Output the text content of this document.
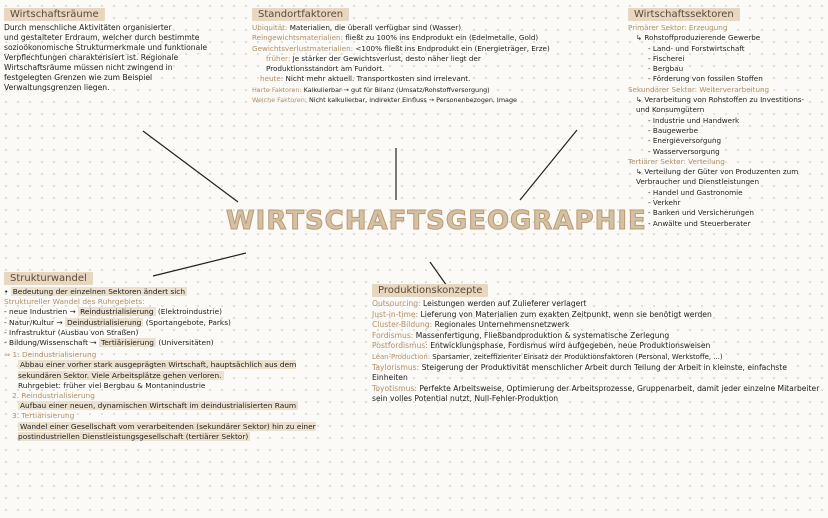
WIRTSCHAFTSGEOGRAPHIE
Wirtschaftsräume
Durch menschliche Aktivitäten organisierter
und gestalteter Erdraum, welcher durch bestimmte
sozioökonomische Strukturmerkmale und funktionale
Verpflechtungen charakterisiert ist. Regionale
Wirtschaftsräume müssen nicht zwingend in
festgelegten Grenzen wie zum Beispiel
Verwaltungsgrenzen liegen.
Standortfaktoren
Ubiquität: Materialien, die überall verfügbar sind (Wasser)
Reingewichtsmaterialien: fließt zu 100% ins Endprodukt ein (Edelmetalle, Gold)
Gewichtsverlustmaterialien: <100% fließt ins Endprodukt ein (Energieträger, Erze)
früher: Je stärker der Gewichtsverlust, desto näher liegt der Produktionsstandort am Fundort.
heute: Nicht mehr aktuell. Transportkosten sind irrelevant.
Harte Faktoren: Kalkulierbar → gut für Bilanz (Umsatz/Rohstoffversorgung)
Weiche Faktoren: Nicht kalkulierbar, indirekter Einfluss → Personenbezogen, Image
Wirtschaftssektoren
Primärer Sektor: Erzeugung
↳ Rohstoffproduzierende Gewerbe
- Land- und Forstwirtschaft
- Fischerei
- Bergbau
- Förderung von fossilen Stoffen
Sekundärer Sektor: Weiterverarbeitung
↳ Verarbeitung von Rohstoffen zu Investitions- und Konsumgütern
- Industrie und Handwerk
- Baugewerbe
- Energieversorgung
- Wasserversorgung
Tertiärer Sektor: Verteilung
↳ Verteilung der Güter von Produzenten zum Verbraucher und Dienstleistungen
- Handel und Gastronomie
- Verkehr
- Banken und Versicherungen
- Anwälte und Steuerberater
Strukturwandel
• Bedeutung der einzelnen Sektoren ändert sich
Struktureller Wandel des Ruhrgebiets:
- neue Industrien → Reindustrialisierung (Elektroindustrie)
- Natur/Kultur → Deindustrialisierung (Sportangebote, Parks)
- Infrastruktur (Ausbau von Straßen)
- Bildung/Wissenschaft → Tertiärisierung (Universitäten)
⇒ 1. Deindustrialisierung
Abbau einer vorher stark ausgeprägten Wirtschaft, hauptsächlich aus dem sekundären Sektor. Viele Arbeitsplätze gehen verloren.
Ruhrgebiet: früher viel Bergbau & Montanindustrie
2. Reindustrialisierung
Aufbau einer neuen, dynamischen Wirtschaft im deindustrialisierten Raum
3. Tertiärisierung
Wandel einer Gesellschaft vom verarbeitenden (sekundärer Sektor) hin zu einer postindustriellen Dienstleistungsgesellschaft (tertiärer Sektor)
Produktionskonzepte
Outsourcing: Leistungen werden auf Zulieferer verlagert
Just-in-time: Lieferung von Materialien zum exakten Zeitpunkt, wenn sie benötigt werden
Cluster-Bildung: Regionales Unternehmensnetzwerk
Fordismus: Massenfertigung, Fließbandproduktion & systematische Zerlegung
Postfordismus: Entwicklungsphase, Fordismus wird aufgegeben, neue Produktionsweisen
Lean-Production: Sparsamer, zeiteffizienter Einsatz der Produktionsfaktoren (Personal, Werkstoffe, ...)
Taylorismus: Steigerung der Produktivität menschlicher Arbeit durch Teilung der Arbeit in kleinste, einfachste Einheiten
Toyotismus: Perfekte Arbeitsweise, Optimierung der Arbeitsprozesse, Gruppenarbeit, damit jeder einzelne Mitarbeiter sein volles Potential nutzt, Null-Fehler-Produktion
